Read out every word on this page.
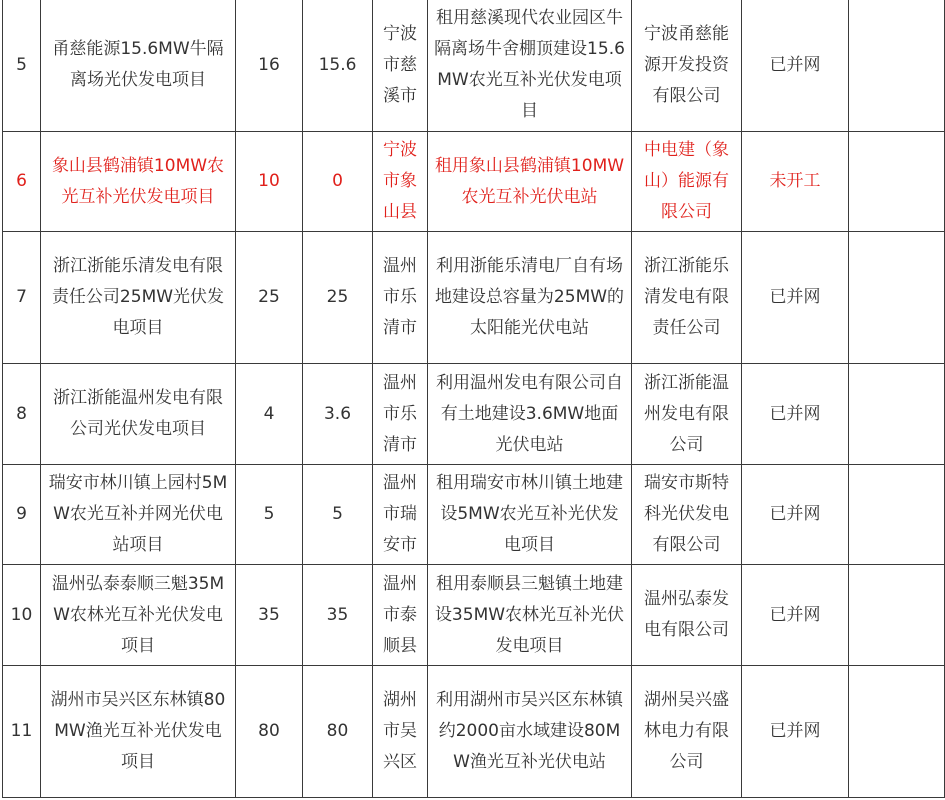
5	甬慈能源15.6MW牛隔离场光伏发电项目	16	15.6	宁波市慈溪市	租用慈溪现代农业园区牛隔离场牛舍棚顶建设15.6MW农光互补光伏发电项目	宁波甬慈能源开发投资有限公司	已并网	
6	象山县鹤浦镇10MW农光互补光伏发电项目	10	0	宁波市象山县	租用象山县鹤浦镇10MW农光互补光伏电站	中电建（象山）能源有限公司	未开工	
7	浙江浙能乐清发电有限责任公司25MW光伏发电项目	25	25	温州市乐清市	利用浙能乐清电厂自有场地建设总容量为25MW的太阳能光伏电站	浙江浙能乐清发电有限责任公司	已并网	
8	浙江浙能温州发电有限公司光伏发电项目	4	3.6	温州市乐清市	利用温州发电有限公司自有土地建设3.6MW地面光伏电站	浙江浙能温州发电有限公司	已并网	
9	瑞安市林川镇上园村5MW农光互补并网光伏电站项目	5	5	温州市瑞安市	租用瑞安市林川镇土地建设5MW农光互补光伏发电项目	瑞安市斯特科光伏发电有限公司	已并网	
10	温州弘泰泰顺三魁35MW农林光互补光伏发电项目	35	35	温州市泰顺县	租用泰顺县三魁镇土地建设35MW农林光互补光伏发电项目	温州弘泰发电有限公司	已并网	
11	湖州市吴兴区东林镇80MW渔光互补光伏发电项目	80	80	湖州市吴兴区	利用湖州市吴兴区东林镇约2000亩水域建设80MW渔光互补光伏电站	湖州吴兴盛林电力有限公司	已并网	
